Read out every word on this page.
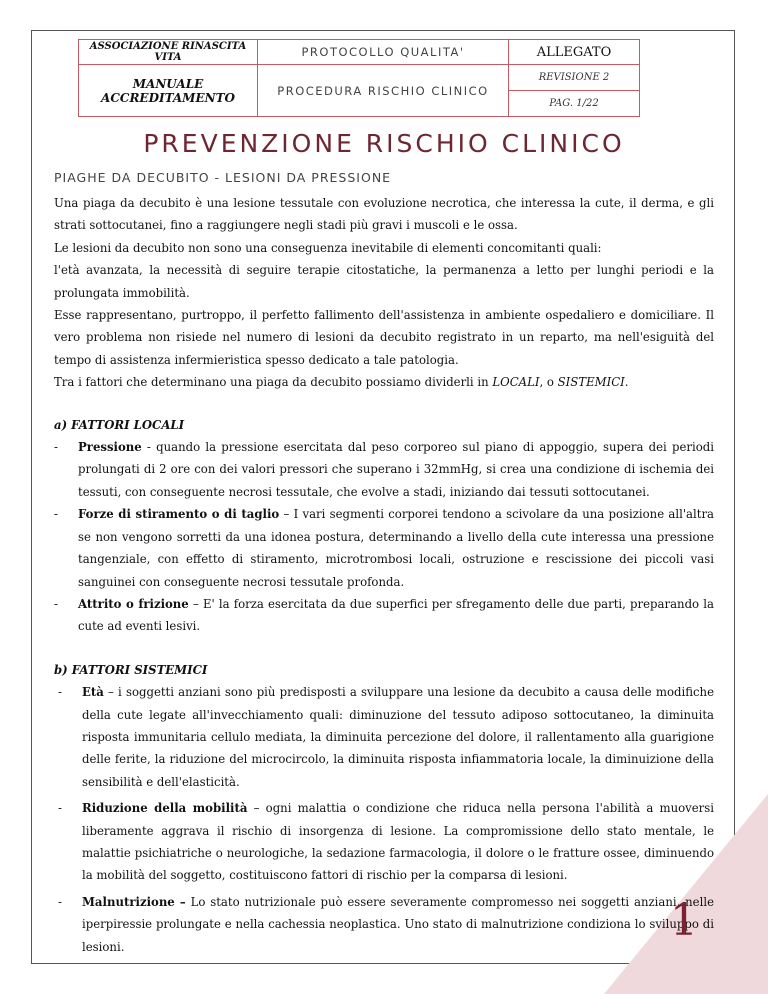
ASSOCIAZIONE RINASCITA VITA	PROTOCOLLO QUALITA'	ALLEGATO

MANUALE ACCREDITAMENTO	PROCEDURA RISCHIO CLINICO	REVISIONE 2
		PAG. 1/22
PREVENZIONE RISCHIO CLINICO
PIAGHE DA DECUBITO - LESIONI DA PRESSIONE

Una piaga da decubito è una lesione tessutale con evoluzione necrotica, che interessa la cute, il derma, e gli strati sottocutanei, fino a raggiungere negli stadi più gravi i muscoli e le ossa.

Le lesioni da decubito non sono una conseguenza inevitabile di elementi concomitanti quali:

l'età avanzata, la necessità di seguire terapie citostatiche, la permanenza a letto per lunghi periodi e la prolungata immobilità.

Esse rappresentano, purtroppo, il perfetto fallimento dell'assistenza in ambiente ospedaliero e domiciliare. Il vero problema non risiede nel numero di lesioni da decubito registrato in un reparto, ma nell'esiguità del tempo di assistenza infermieristica spesso dedicato a tale patologia.

Tra i fattori che determinano una piaga da decubito possiamo dividerli in LOCALI, o SISTEMICI.

a) FATTORI LOCALI

- Pressione - quando la pressione esercitata dal peso corporeo sul piano di appoggio, supera dei periodi prolungati di 2 ore con dei valori pressori che superano i 32mmHg, si crea una condizione di ischemia dei tessuti, con conseguente necrosi tessutale, che evolve a stadi, iniziando dai tessuti sottocutanei.
- Forze di stiramento o di taglio – I vari segmenti corporei tendono a scivolare da una posizione all'altra se non vengono sorretti da una idonea postura, determinando a livello della cute interessa una pressione tangenziale, con effetto di stiramento, microtrombosi locali, ostruzione e rescissione dei piccoli vasi sanguinei con conseguente necrosi tessutale profonda.
- Attrito o frizione – E' la forza esercitata da due superfici per sfregamento delle due parti, preparando la cute ad eventi lesivi.

b) FATTORI SISTEMICI

- Età – i soggetti anziani sono più predisposti a sviluppare una lesione da decubito a causa delle modifiche della cute legate all'invecchiamento quali: diminuzione del tessuto adiposo sottocutaneo, la diminuita risposta immunitaria cellulo mediata, la diminuita percezione del dolore, il rallentamento alla guarigione delle ferite, la riduzione del microcircolo, la diminuita risposta infiammatoria locale, la diminuizione della sensibilità e dell'elasticità.
- Riduzione della mobilità – ogni malattia o condizione che riduca nella persona l'abilità a muoversi liberamente aggrava il rischio di insorgenza di lesione. La compromissione dello stato mentale, le malattie psichiatriche o neurologiche, la sedazione farmacologia, il dolore o le fratture ossee, diminuendo la mobilità del soggetto, costituiscono fattori di rischio per la comparsa di lesioni.
- Malnutrizione – Lo stato nutrizionale può essere severamente compromesso nei soggetti anziani, nelle iperpiressie prolungate e nella cachessia neoplastica. Uno stato di malnutrizione condiziona lo sviluppo di lesioni.
1
